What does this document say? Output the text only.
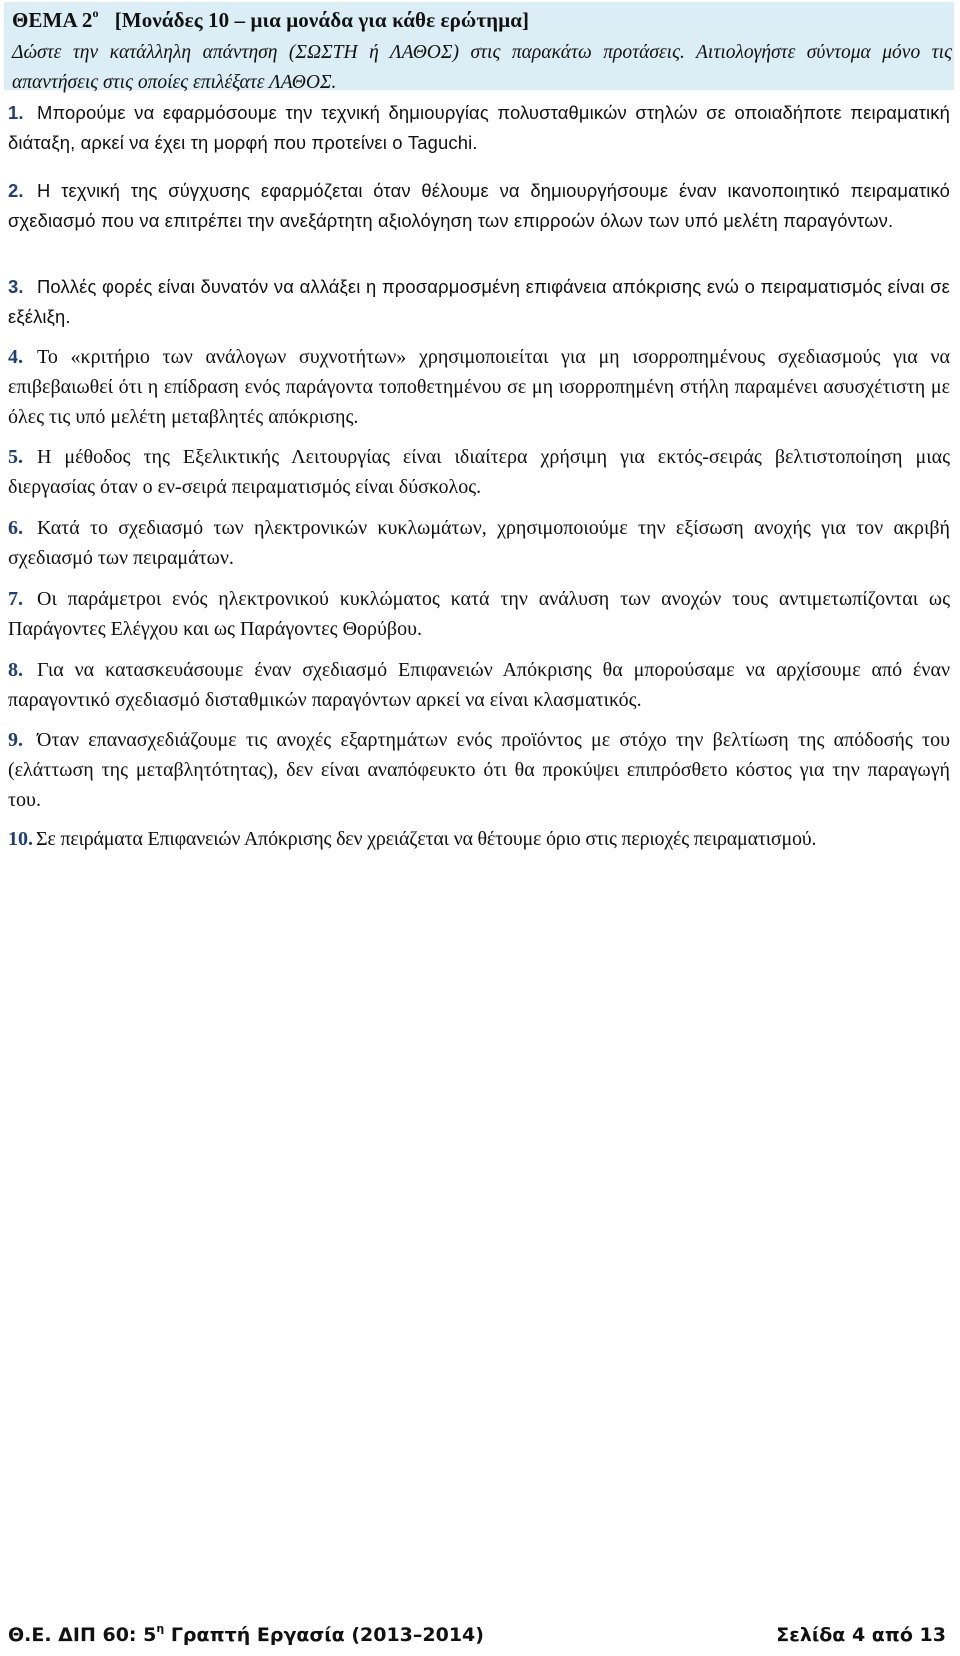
ΘΕΜΑ $2^o$ [Μονάδες 10 – μια μονάδα για κάθε ερώτημα]
Δώστε την κατάλληλη απάντηση (ΣΩΣΤΗ ή ΛΑΘΟΣ) στις παρακάτω προτάσεις. Αιτιολογήστε σύντομα μόνο τις απαντήσεις στις οποίες επιλέξατε ΛΑΘΟΣ.
1. Μπορούμε να εφαρμόσουμε την τεχνική δημιουργίας πολυσταθμικών στηλών σε οποιαδήποτε πειραματική διάταξη, αρκεί να έχει τη μορφή που προτείνει ο Taguchi.
2. Η τεχνική της σύγχυσης εφαρμόζεται όταν θέλουμε να δημιουργήσουμε έναν ικανοποιητικό πειραματικό σχεδιασμό που να επιτρέπει την ανεξάρτητη αξιολόγηση των επιρροών όλων των υπό μελέτη παραγόντων.
3. Πολλές φορές είναι δυνατόν να αλλάξει η προσαρμοσμένη επιφάνεια απόκρισης ενώ ο πειραματισμός είναι σε εξέλιξη.
4. Το «κριτήριο των ανάλογων συχνοτήτων» χρησιμοποιείται για μη ισορροπημένους σχεδιασμούς για να επιβεβαιωθεί ότι η επίδραση ενός παράγοντα τοποθετημένου σε μη ισορροπημένη στήλη παραμένει ασυσχέτιστη με όλες τις υπό μελέτη μεταβλητές απόκρισης.
5. Η μέθοδος της Εξελικτικής Λειτουργίας είναι ιδιαίτερα χρήσιμη για εκτός-σειράς βελτιστοποίηση μιας διεργασίας όταν ο εν-σειρά πειραματισμός είναι δύσκολος.
6. Κατά το σχεδιασμό των ηλεκτρονικών κυκλωμάτων, χρησιμοποιούμε την εξίσωση ανοχής για τον ακριβή σχεδιασμό των πειραμάτων.
7. Οι παράμετροι ενός ηλεκτρονικού κυκλώματος κατά την ανάλυση των ανοχών τους αντιμετωπίζονται ως Παράγοντες Ελέγχου και ως Παράγοντες Θορύβου.
8. Για να κατασκευάσουμε έναν σχεδιασμό Επιφανειών Απόκρισης θα μπορούσαμε να αρχίσουμε από έναν παραγοντικό σχεδιασμό δισταθμικών παραγόντων αρκεί να είναι κλασματικός.
9. Όταν επανασχεδιάζουμε τις ανοχές εξαρτημάτων ενός προϊόντος με στόχο την βελτίωση της απόδοσής του (ελάττωση της μεταβλητότητας), δεν είναι αναπόφευκτο ότι θα προκύψει επιπρόσθετο κόστος για την παραγωγή του.
10. Σε πειράματα Επιφανειών Απόκρισης δεν χρειάζεται να θέτουμε όριο στις περιοχές πειραματισμού.
Θ.Ε. ΔΙΠ 60: $5^\eta$ Γραπτή Εργασία (2013–2014)	Σελίδα 4 από 13
